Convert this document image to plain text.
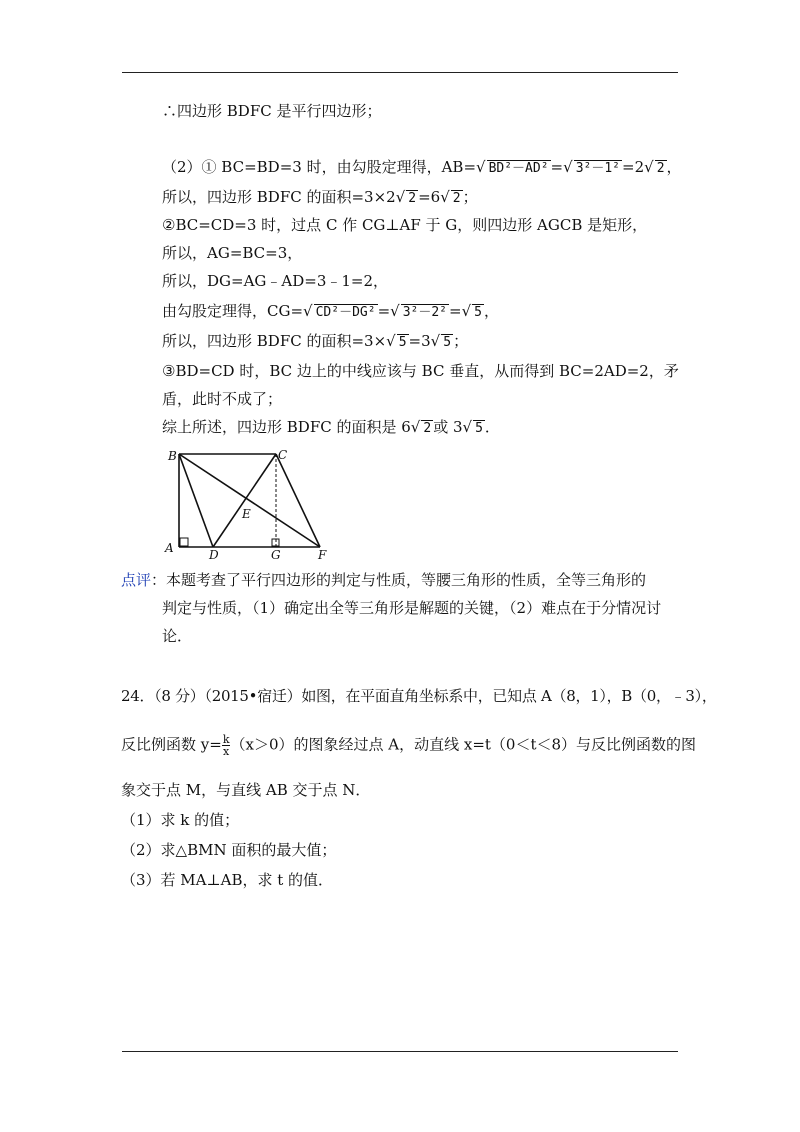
∴四边形 BDFC 是平行四边形；
（2）① BC=BD=3 时，由勾股定理得，AB=√ BD²－AD² =√ 3²－1² =2√ 2 ，
所以，四边形 BDFC 的面积=3×2√ 2 =6√ 2 ；
②BC=CD=3 时，过点 C 作 CG⊥AF 于 G，则四边形 AGCB 是矩形，
所以，AG=BC=3，
所以，DG=AG﹣AD=3﹣1=2，
由勾股定理得，CG=√ CD²－DG² =√ 3²－2² =√ 5 ，
所以，四边形 BDFC 的面积=3×√ 5 =3√ 5 ；
③BD=CD 时，BC 边上的中线应该与 BC 垂直，从而得到 BC=2AD=2，矛
盾，此时不成了；
综上所述，四边形 BDFC 的面积是 6√ 2 或 3√ 5 ．
B	C
E
A	D	G	F
点评：本题考查了平行四边形的判定与性质，等腰三角形的性质，全等三角形的
判定与性质，（1）确定出全等三角形是解题的关键，（2）难点在于分情况讨
论．
24．（8 分）（2015•宿迁）如图，在平面直角坐标系中，已知点 A（8，1），B（0，﹣3），
反比例函数 $y= \frac{k}{x} (x>0)$的图象经过点 A，动直线 x=t（0＜t＜8）与反比例函数的图
象交于点 M，与直线 AB 交于点 N．
（1）求 k 的值；
（2）求△BMN 面积的最大值；
（3）若 MA⊥AB，求 t 的值．
